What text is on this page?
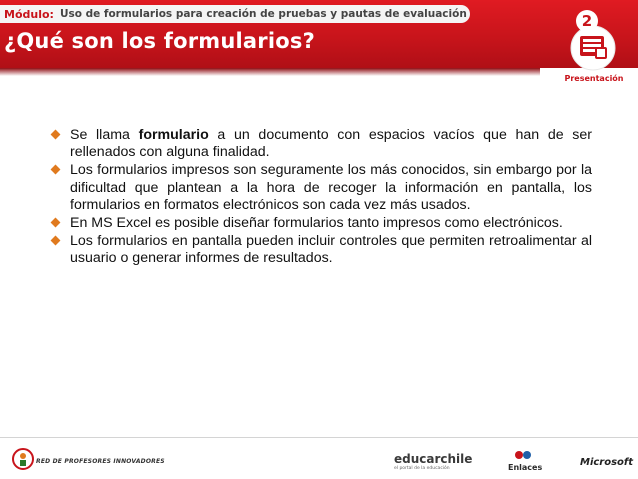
Módulo: Uso de formularios para creación de pruebas y pautas de evaluación
¿Qué son los formularios?
2
Presentación

Se llama formulario a un documento con espacios vacíos que han de ser rellenados con alguna finalidad.

Los formularios impresos son seguramente los más conocidos, sin embargo por la dificultad que plantean a la hora de recoger la información en pantalla, los formularios en formatos electrónicos son cada vez más usados.

En MS Excel es posible diseñar formularios tanto impresos como electrónicos.

Los formularios en pantalla pueden incluir controles que permiten retroalimentar al usuario o generar informes de resultados.

RED DE PROFESORES INNOVADORES	educarchile
el portal de la educación	Enlaces	Microsoft
